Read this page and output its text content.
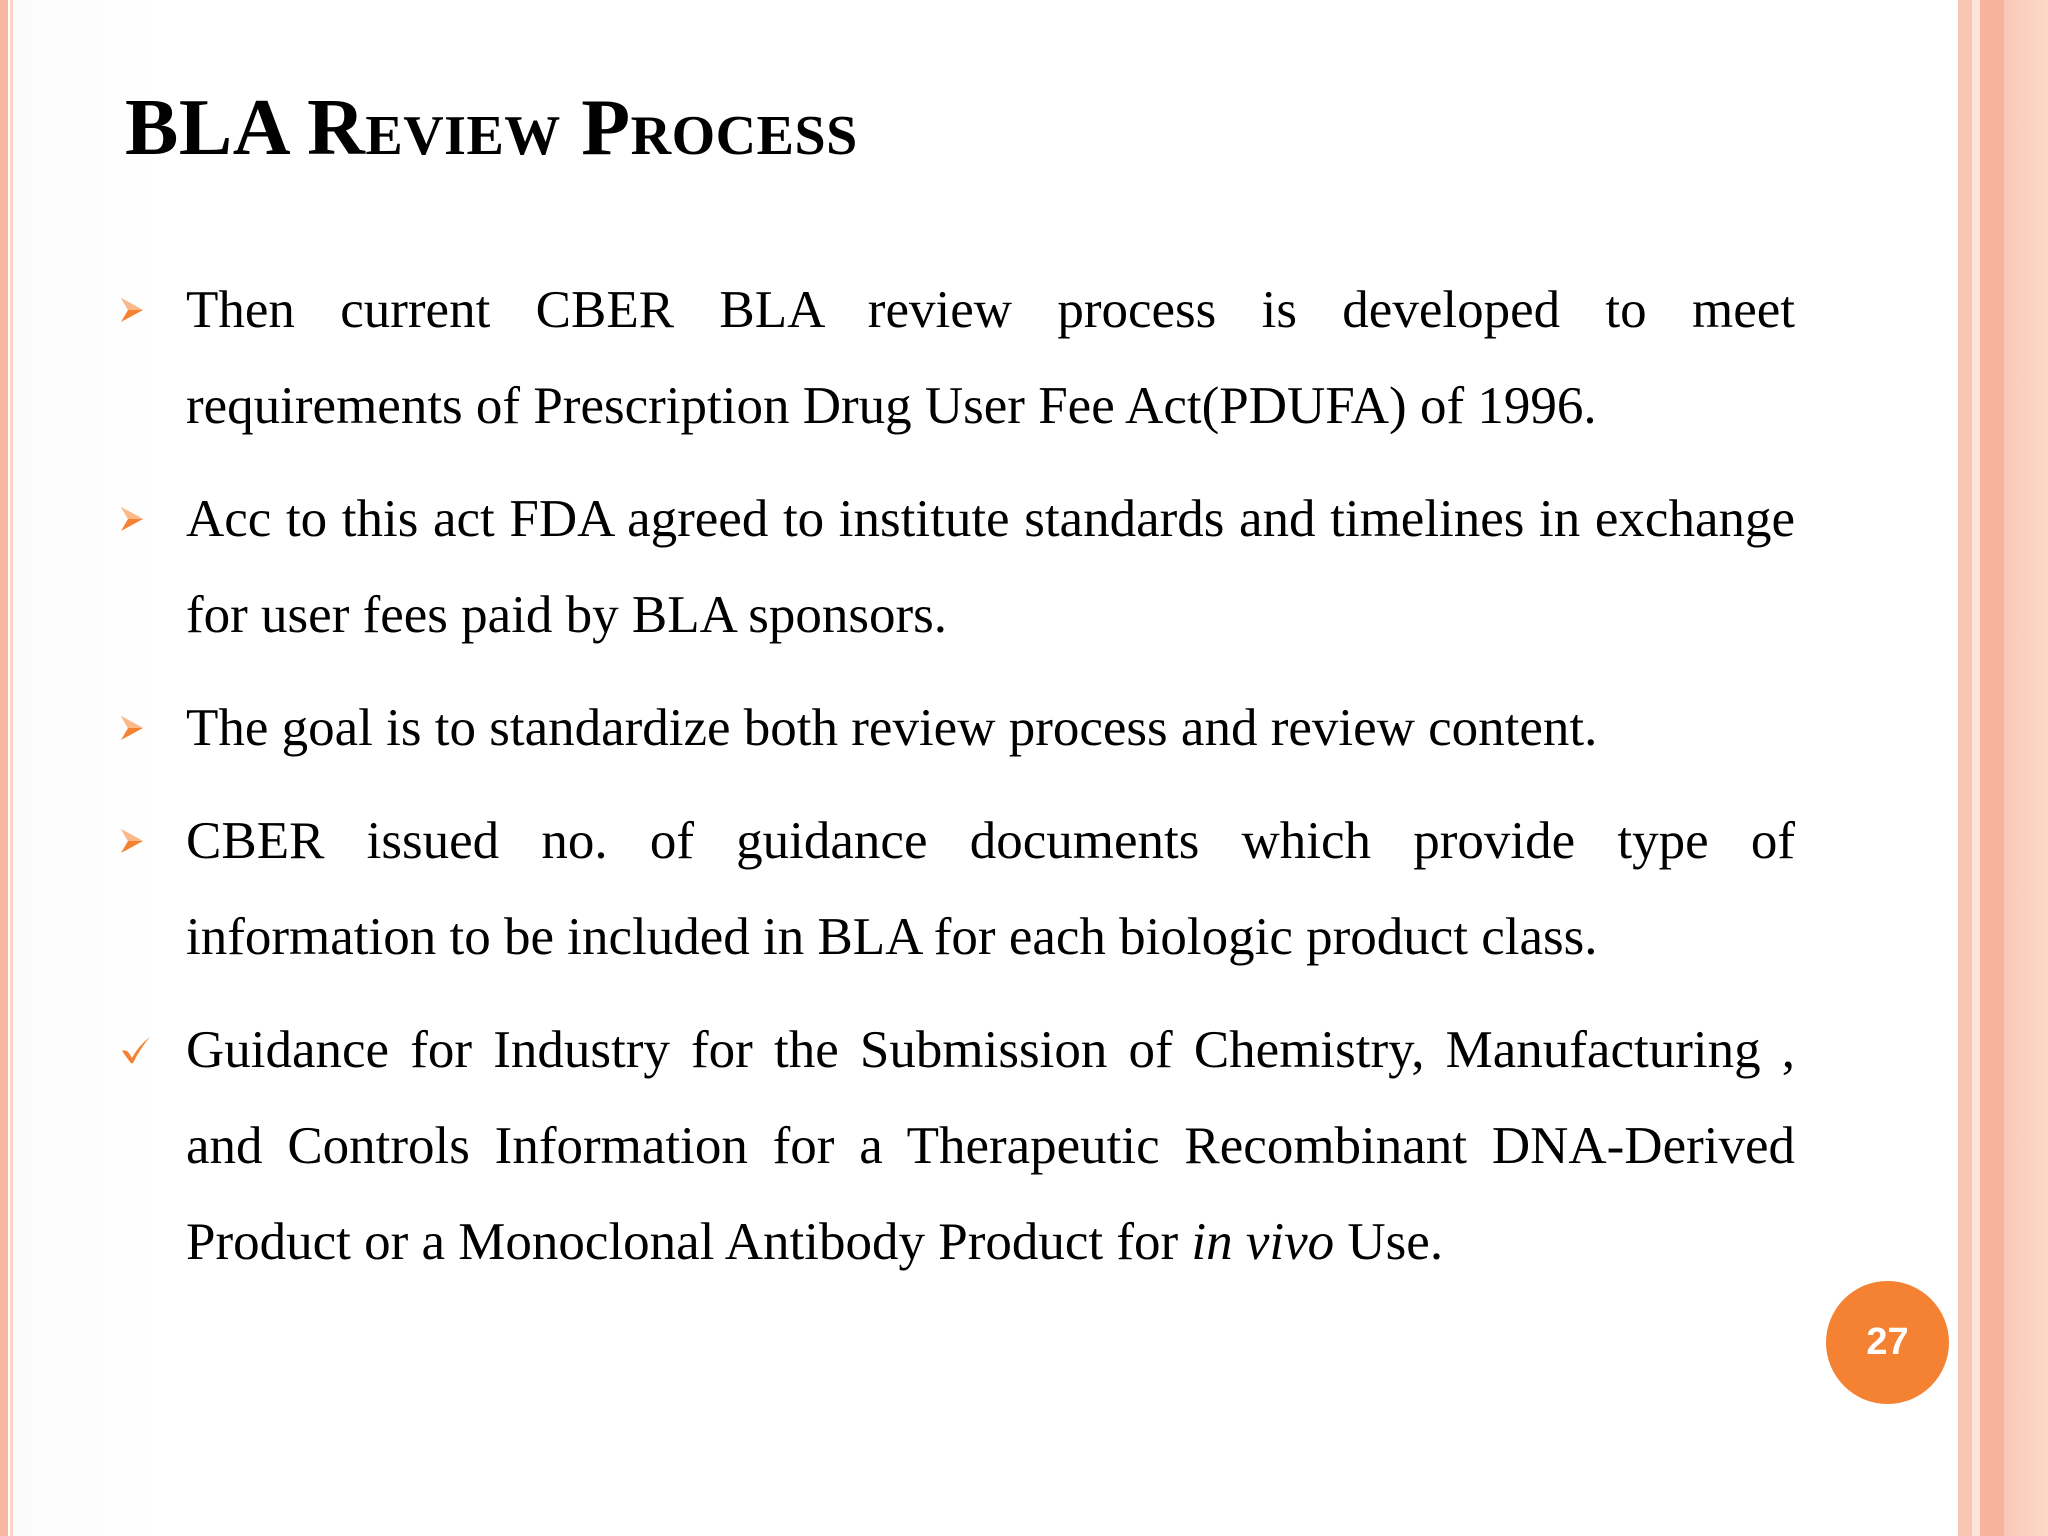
BLA Review Process
Then current CBER BLA review process is developed to meet requirements of Prescription Drug User Fee Act(PDUFA) of 1996.
Acc to this act FDA agreed to institute standards and timelines in exchange for user fees paid by BLA sponsors.
The goal is to standardize both review process and review content.
CBER issued no. of guidance documents which provide type of information to be included in BLA for each biologic product class.
Guidance for Industry for the Submission of Chemistry, Manufacturing , and Controls Information for a Therapeutic Recombinant DNA-Derived Product or a Monoclonal Antibody Product for in vivo Use.
27
